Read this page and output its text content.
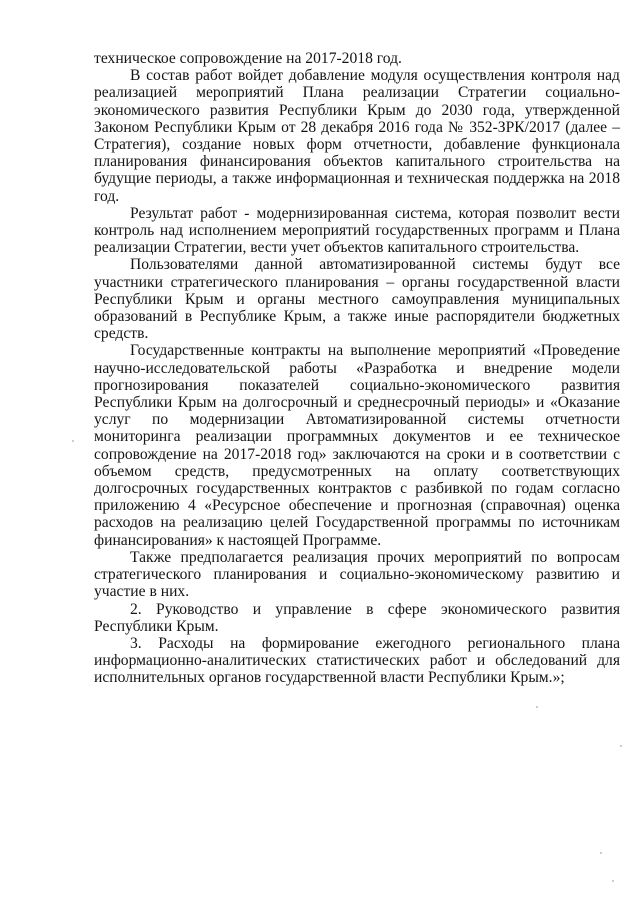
техническое сопровождение на 2017-2018 год.

В состав работ войдет добавление модуля осуществления контроля над реализацией мероприятий Плана реализации Стратегии социально-экономического развития Республики Крым до 2030 года, утвержденной Законом Республики Крым от 28 декабря 2016 года № 352-ЗРК/2017 (далее – Стратегия), создание новых форм отчетности, добавление функционала планирования финансирования объектов капитального строительства на будущие периоды, а также информационная и техническая поддержка на 2018 год.

Результат работ - модернизированная система, которая позволит вести контроль над исполнением мероприятий государственных программ и Плана реализации Стратегии, вести учет объектов капитального строительства.

Пользователями данной автоматизированной системы будут все участники стратегического планирования – органы государственной власти Республики Крым и органы местного самоуправления муниципальных образований в Республике Крым, а также иные распорядители бюджетных средств.

Государственные контракты на выполнение мероприятий «Проведение научно-исследовательской работы «Разработка и внедрение модели прогнозирования показателей социально-экономического развития Республики Крым на долгосрочный и среднесрочный периоды» и «Оказание услуг по модернизации Автоматизированной системы отчетности мониторинга реализации программных документов и ее техническое сопровождение на 2017-2018 год» заключаются на сроки и в соответствии с объемом средств, предусмотренных на оплату соответствующих долгосрочных государственных контрактов с разбивкой по годам согласно приложению 4 «Ресурсное обеспечение и прогнозная (справочная) оценка расходов на реализацию целей Государственной программы по источникам финансирования» к настоящей Программе.

Также предполагается реализация прочих мероприятий по вопросам стратегического планирования и социально-экономическому развитию и участие в них.

2. Руководство и управление в сфере экономического развития Республики Крым.

3. Расходы на формирование ежегодного регионального плана информационно-аналитических статистических работ и обследований для исполнительных органов государственной власти Республики Крым.»;
